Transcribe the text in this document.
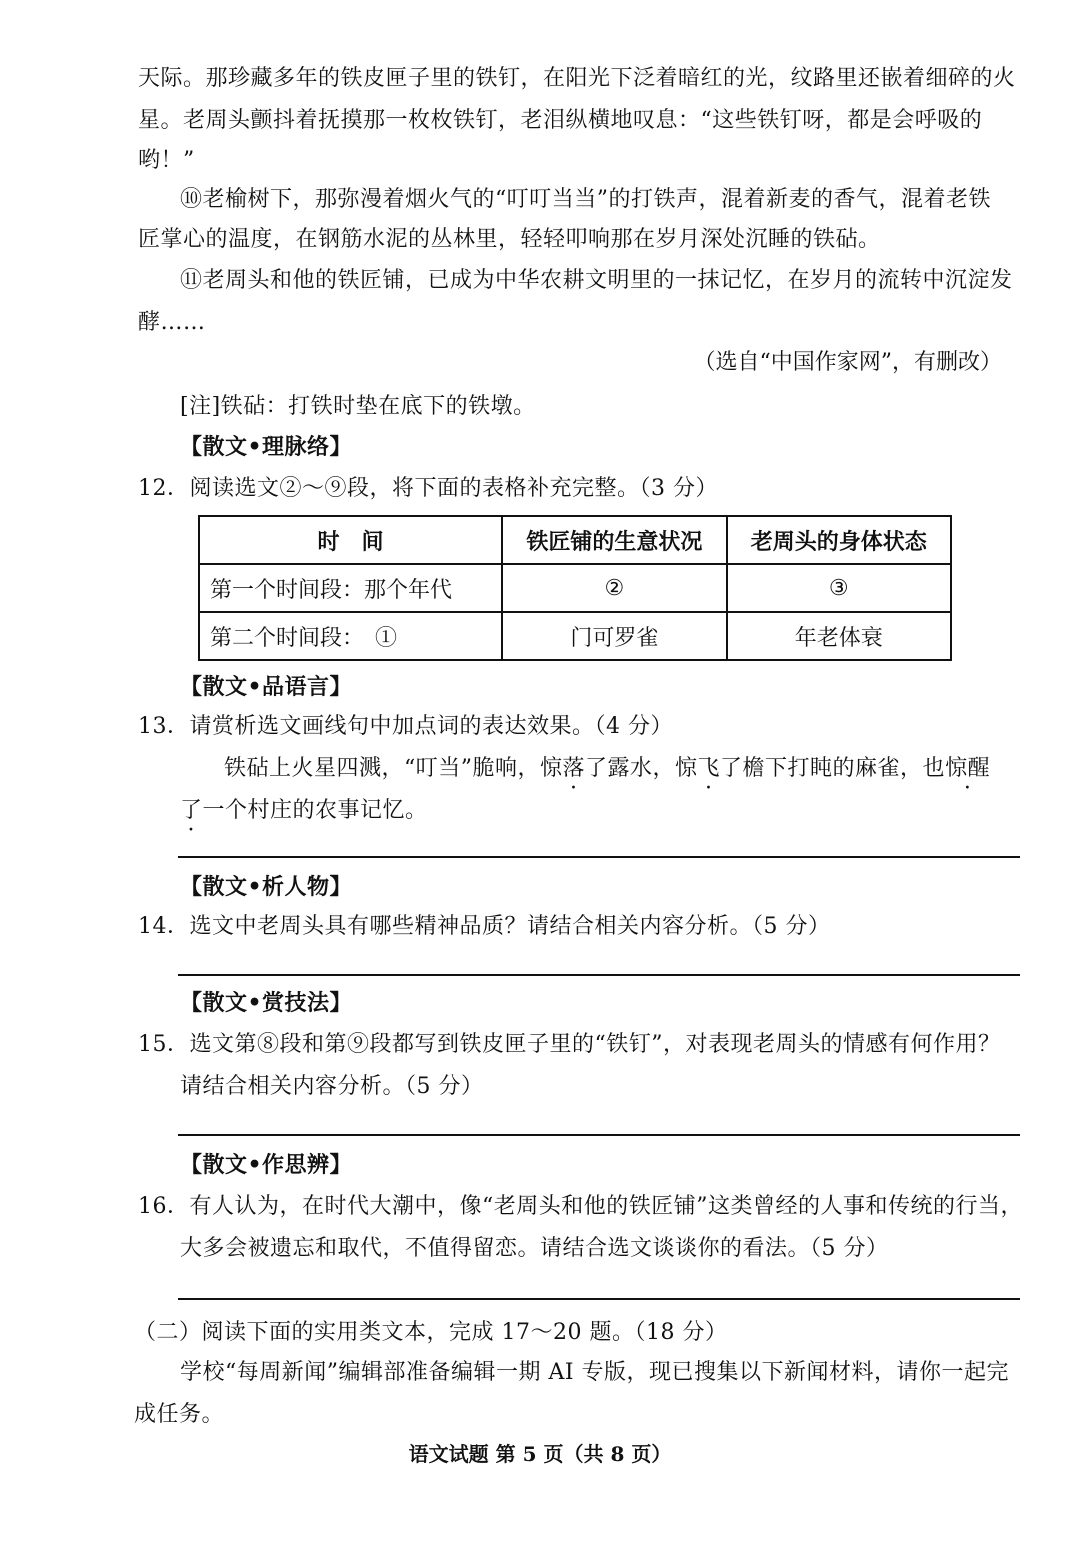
天际。那珍藏多年的铁皮匣子里的铁钉，在阳光下泛着暗红的光，纹路里还嵌着细碎的火
星。老周头颤抖着抚摸那一枚枚铁钉，老泪纵横地叹息：“这些铁钉呀，都是会呼吸的
哟！”
⑩老榆树下，那弥漫着烟火气的“叮叮当当”的打铁声，混着新麦的香气，混着老铁
匠掌心的温度，在钢筋水泥的丛林里，轻轻叩响那在岁月深处沉睡的铁砧。
⑪老周头和他的铁匠铺，已成为中华农耕文明里的一抹记忆，在岁月的流转中沉淀发
酵……
（选自“中国作家网”，有删改）
[注]铁砧：打铁时垫在底下的铁墩。
【散文•理脉络】
12．阅读选文②～⑨段，将下面的表格补充完整。（3 分）
时　间	铁匠铺的生意状况	老周头的身体状态
第一个时间段：那个年代	②	③
第二个时间段：　①	门可罗雀	年老体衰
【散文•品语言】
13．请赏析选文画线句中加点词的表达效果。（4 分）
铁砧上火星四溅，“叮当”脆响，惊落了露水，惊飞了檐下打盹的麻雀，也惊醒
了一个村庄的农事记忆。
【散文•析人物】
14．选文中老周头具有哪些精神品质？请结合相关内容分析。（5 分）
【散文•赏技法】
15．选文第⑧段和第⑨段都写到铁皮匣子里的“铁钉”，对表现老周头的情感有何作用？
请结合相关内容分析。（5 分）
【散文•作思辨】
16．有人认为，在时代大潮中，像“老周头和他的铁匠铺”这类曾经的人事和传统的行当，
大多会被遗忘和取代，不值得留恋。请结合选文谈谈你的看法。（5 分）
（二）阅读下面的实用类文本，完成 17～20 题。（18 分）
学校“每周新闻”编辑部准备编辑一期 AI 专版，现已搜集以下新闻材料，请你一起完
成任务。
语文试题 第 5 页（共 8 页）
